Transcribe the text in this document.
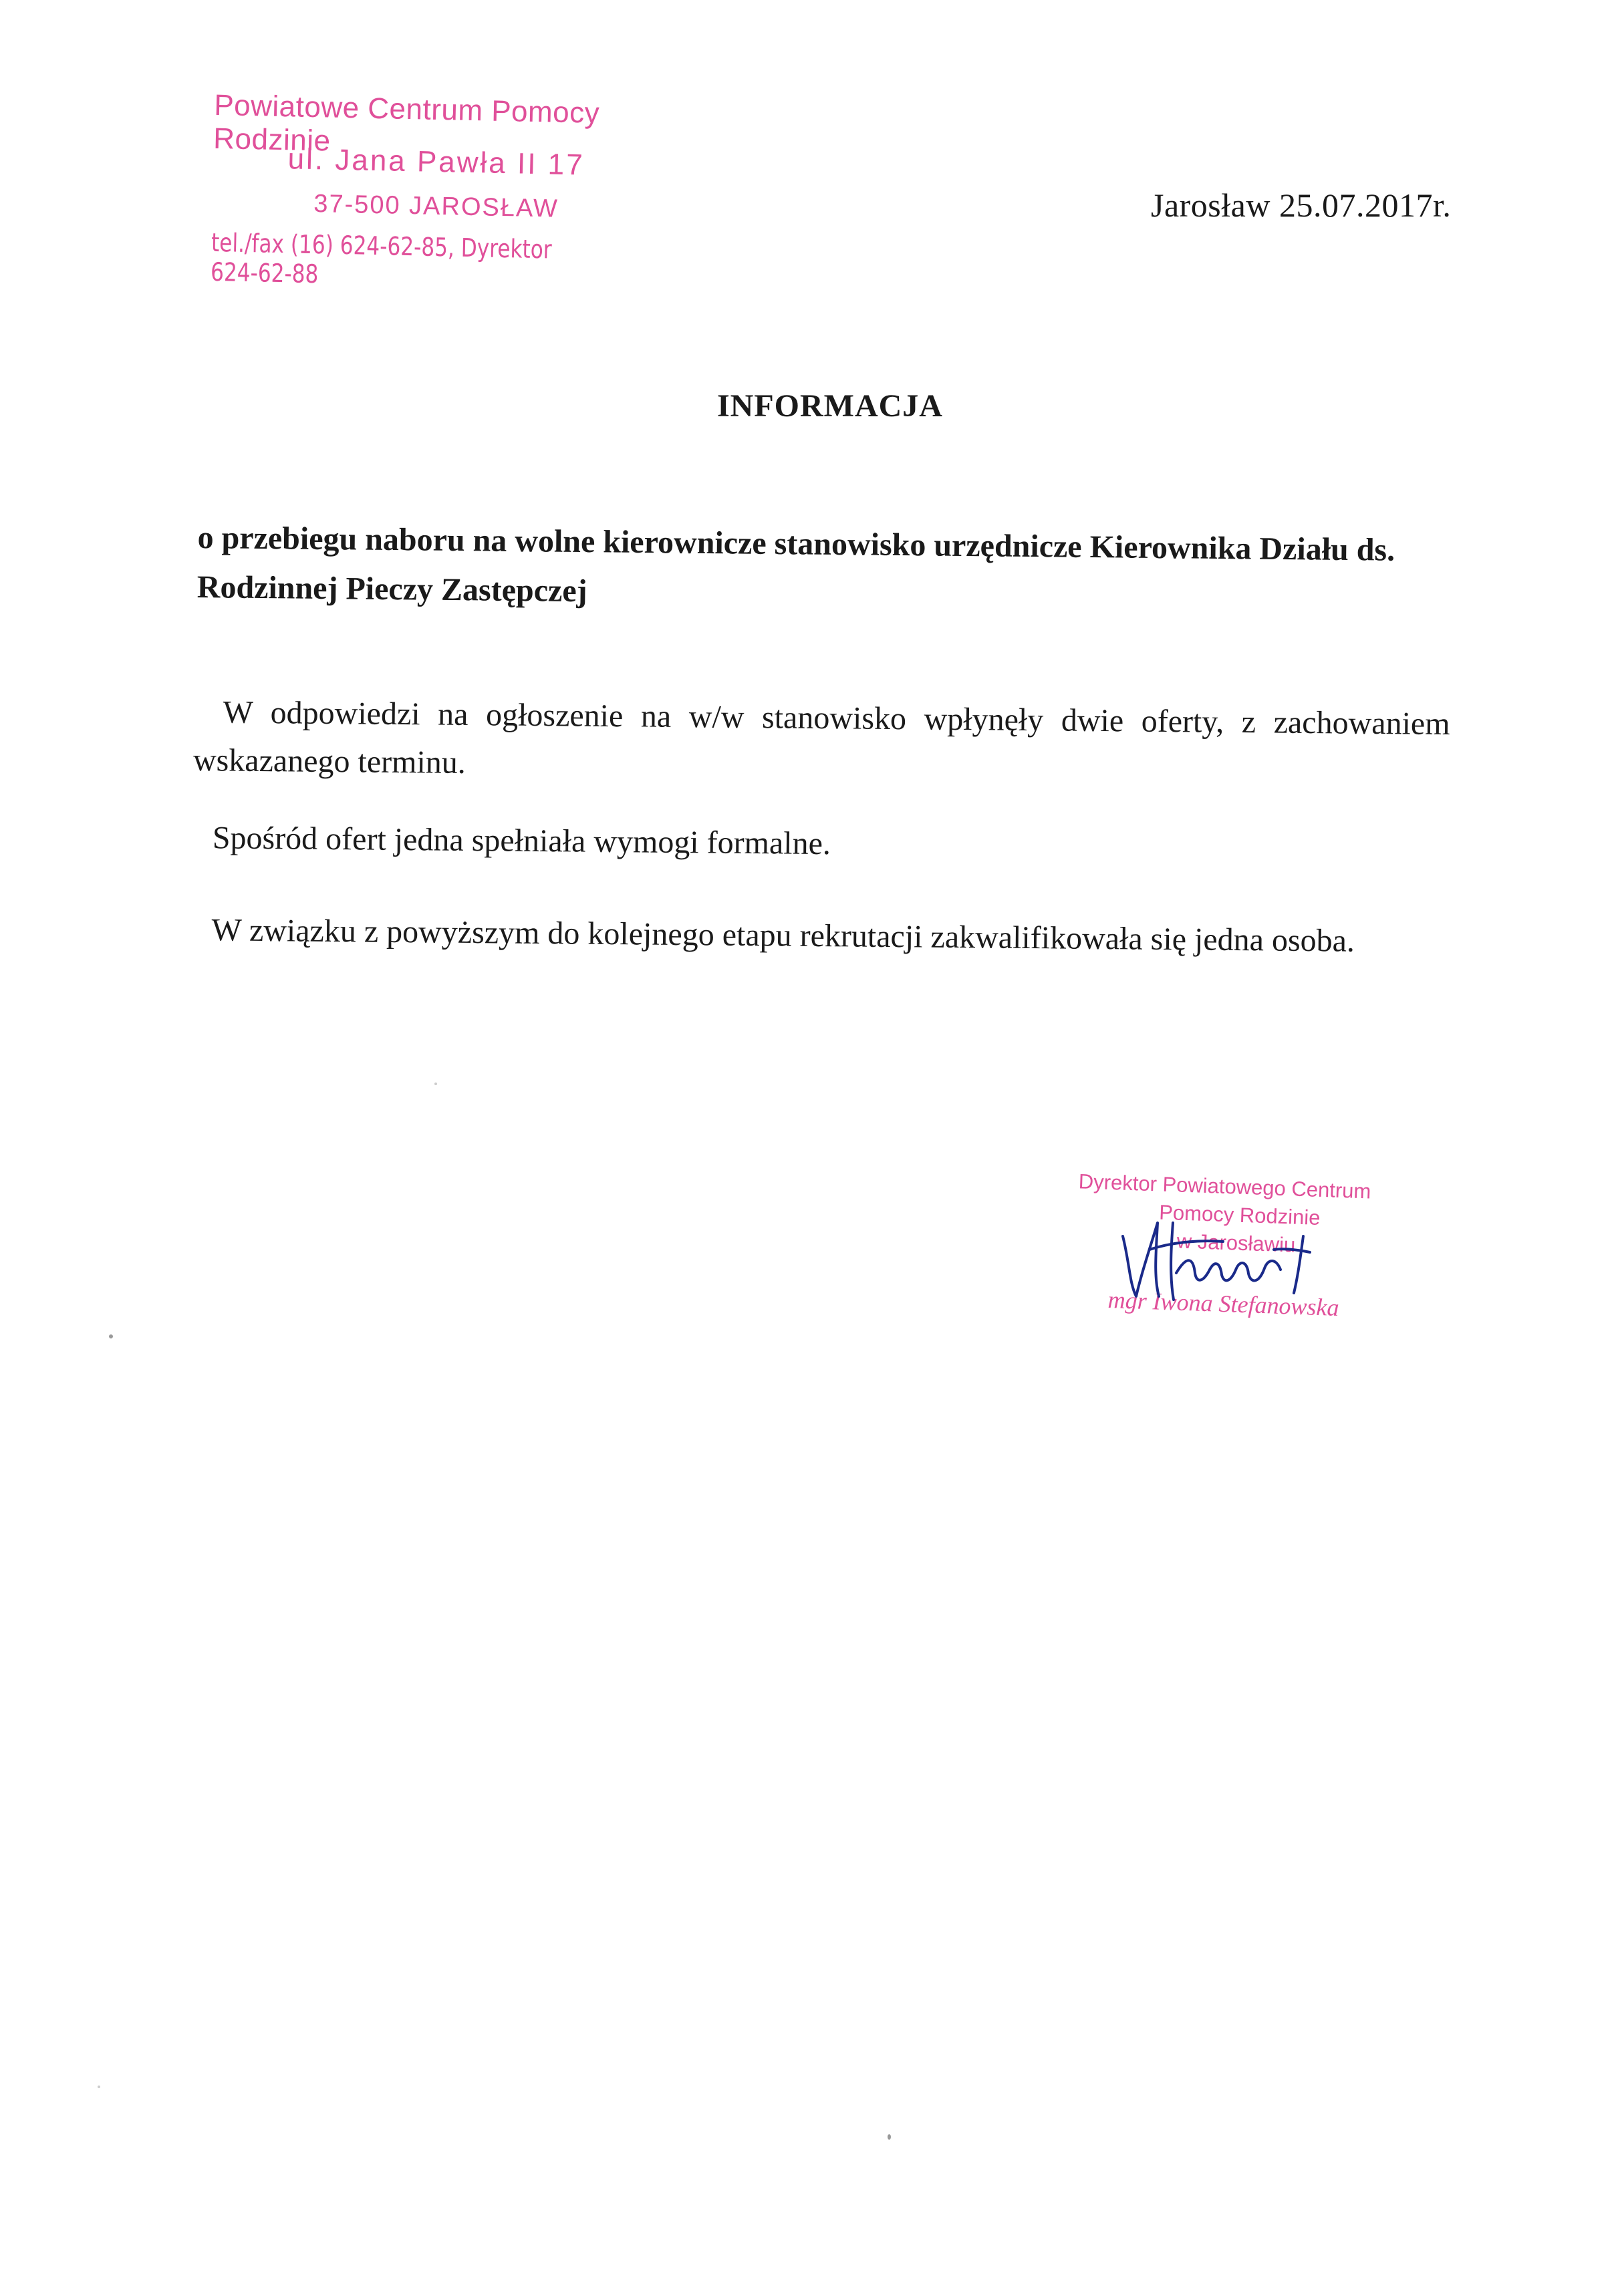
Powiatowe Centrum Pomocy Rodzinie
ul. Jana Pawła II 17
37-500 JAROSŁAW
tel./fax (16) 624-62-85, Dyrektor 624-62-88
Jarosław 25.07.2017r.
INFORMACJA
o przebiegu naboru na wolne kierownicze stanowisko urzędnicze Kierownika Działu ds. Rodzinnej Pieczy Zastępczej

W odpowiedzi na ogłoszenie na w/w stanowisko wpłynęły dwie oferty, z zachowaniem wskazanego terminu.

Spośród ofert jedna spełniała wymogi formalne.

W związku z powyższym do kolejnego etapu rekrutacji zakwalifikowała się jedna osoba.

Dyrektor Powiatowego Centrum
Pomocy Rodzinie
w Jarosławiu
mgr Iwona Stefanowska
